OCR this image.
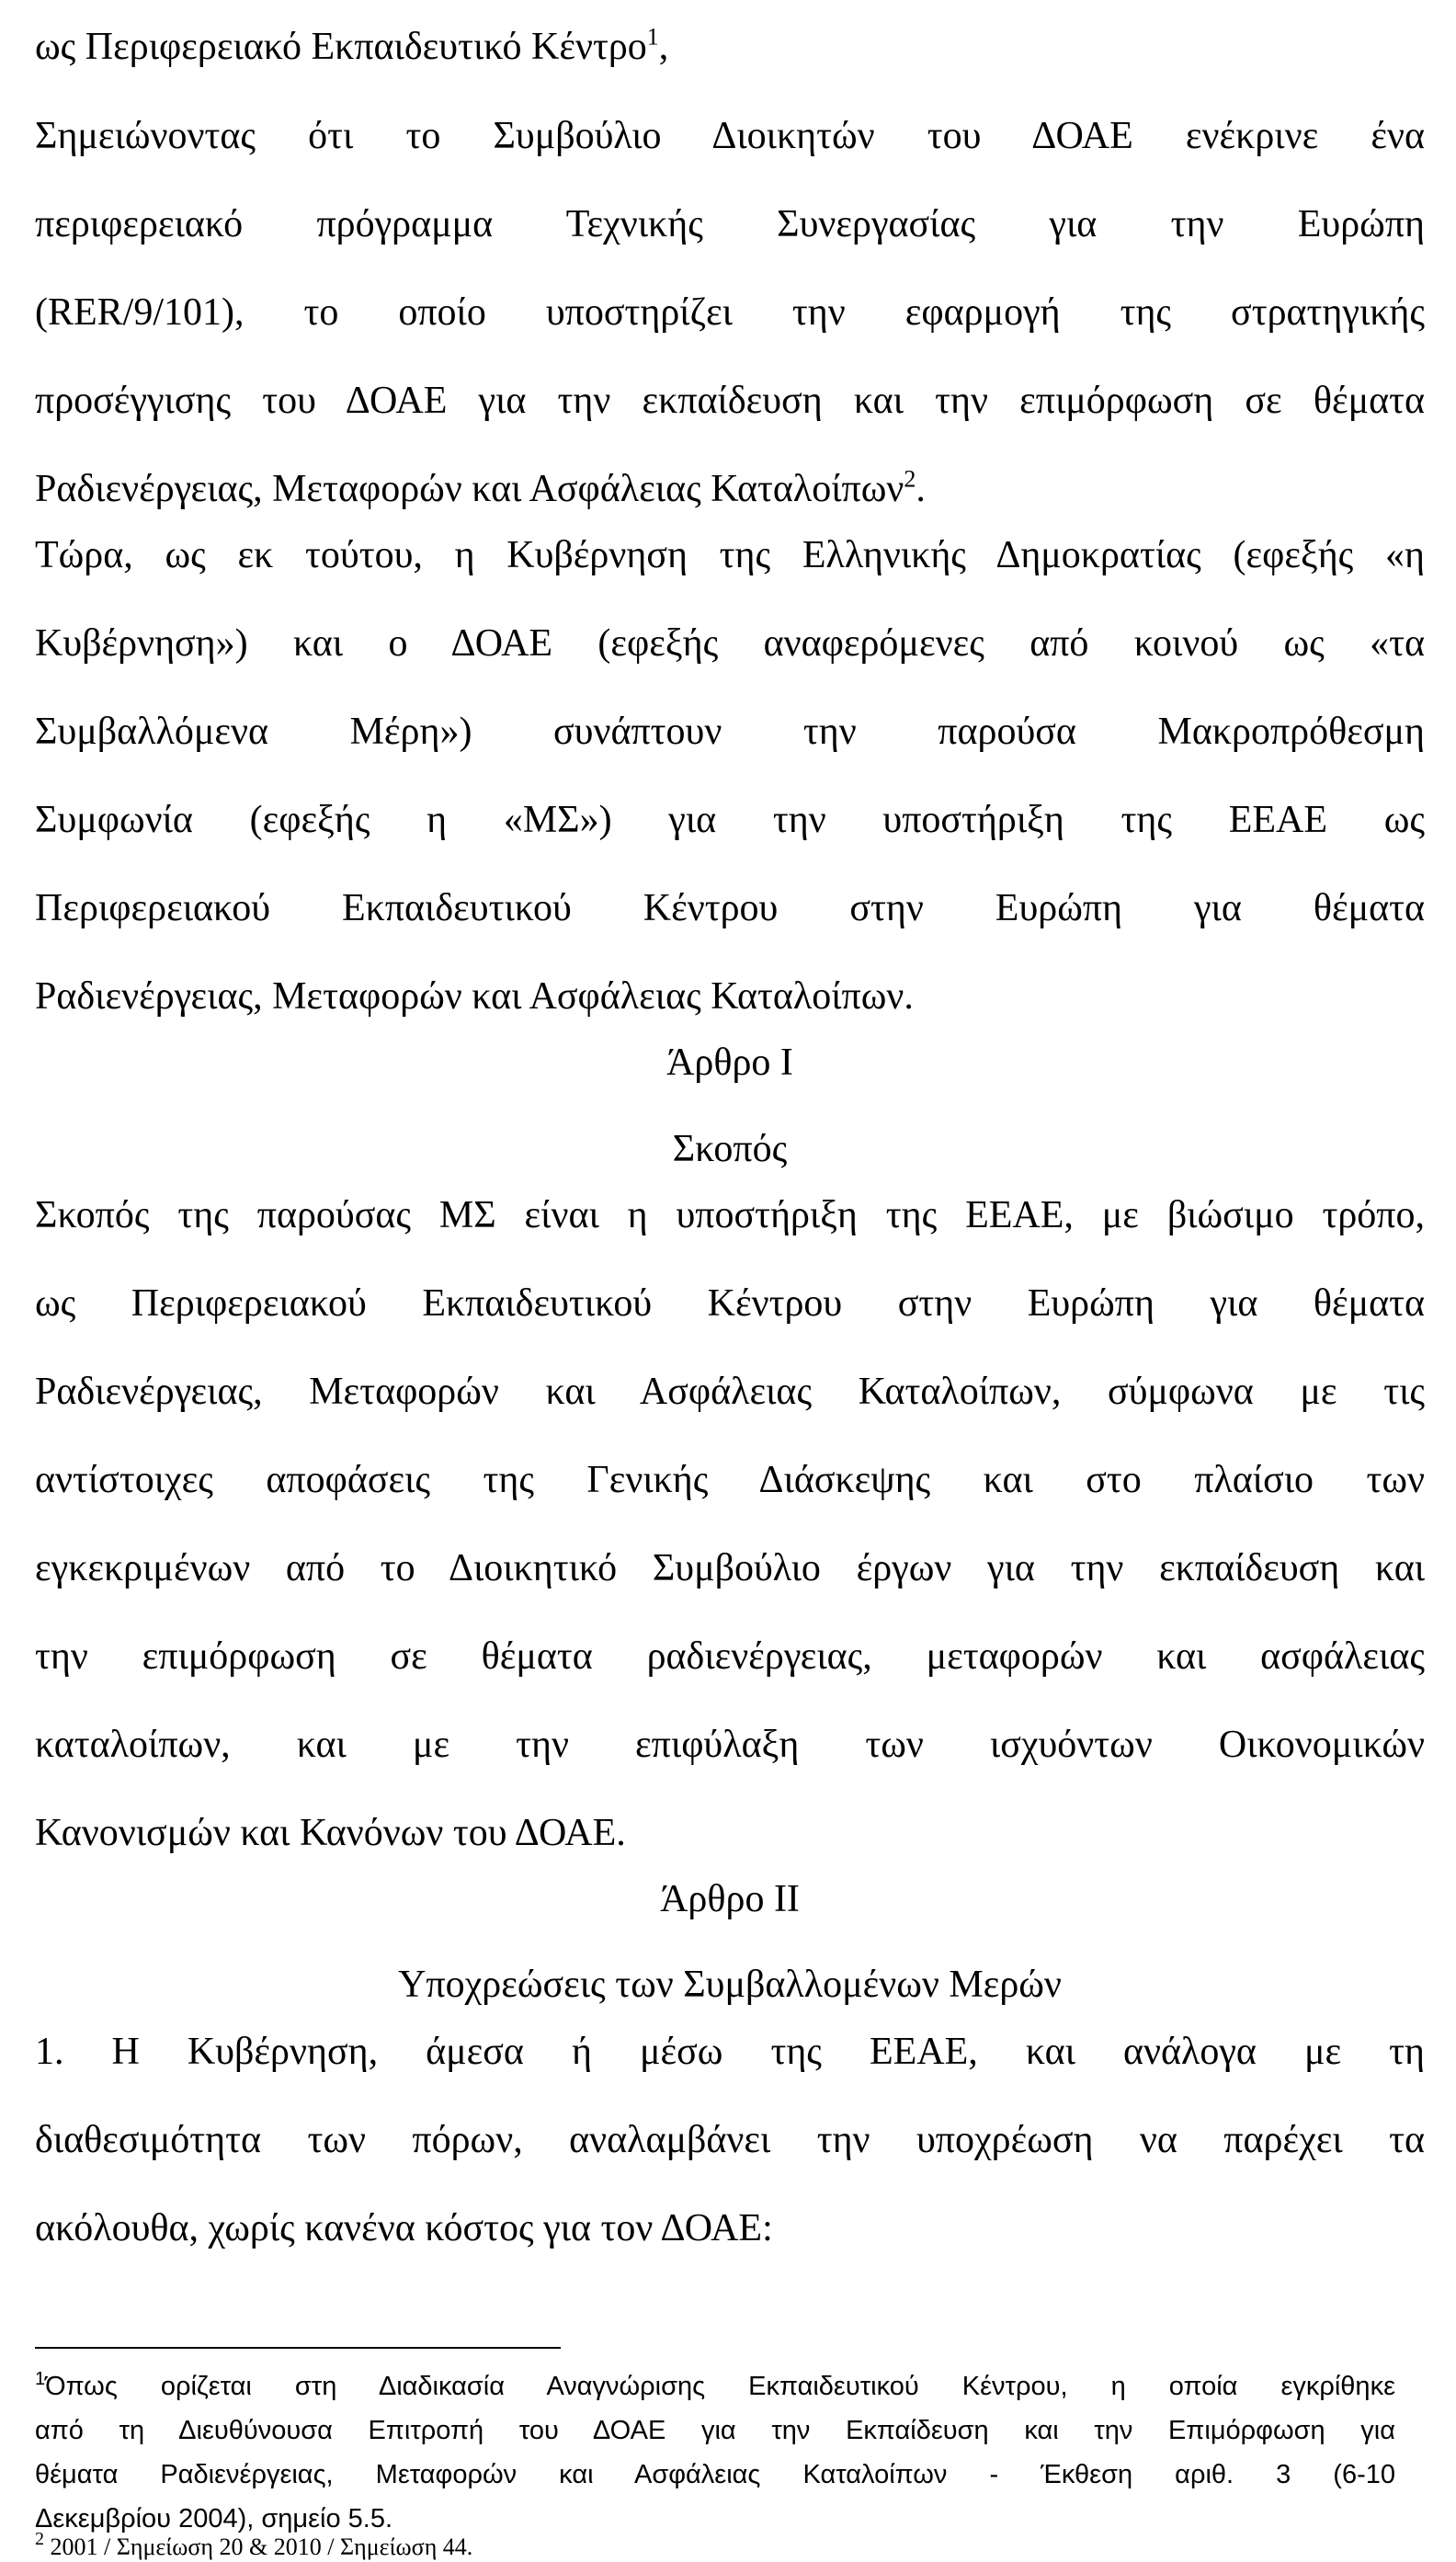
ως Περιφερειακό Εκπαιδευτικό Κέντρο$^1$,
Σημειώνοντας ότι το Συμβούλιο Διοικητών του ΔΟΑΕ ενέκρινε ένα
περιφερειακό πρόγραμμα Τεχνικής Συνεργασίας για την Ευρώπη
(RER/9/101), το οποίο υποστηρίζει την εφαρμογή της στρατηγικής
προσέγγισης του ΔΟΑΕ για την εκπαίδευση και την επιμόρφωση σε θέματα
Ραδιενέργειας, Μεταφορών και Ασφάλειας Καταλοίπων$^2$.
Τώρα, ως εκ τούτου, η Κυβέρνηση της Ελληνικής Δημοκρατίας (εφεξής «η
Κυβέρνηση») και ο ΔΟΑΕ (εφεξής αναφερόμενες από κοινού ως «τα
Συμβαλλόμενα Μέρη») συνάπτουν την παρούσα Μακροπρόθεσμη
Συμφωνία (εφεξής η «ΜΣ») για την υποστήριξη της ΕΕΑΕ ως
Περιφερειακού Εκπαιδευτικού Κέντρου στην Ευρώπη για θέματα
Ραδιενέργειας, Μεταφορών και Ασφάλειας Καταλοίπων.
Άρθρο Ι
Σκοπός
Σκοπός της παρούσας ΜΣ είναι η υποστήριξη της ΕΕΑΕ, με βιώσιμο τρόπο,
ως Περιφερειακού Εκπαιδευτικού Κέντρου στην Ευρώπη για θέματα
Ραδιενέργειας, Μεταφορών και Ασφάλειας Καταλοίπων, σύμφωνα με τις
αντίστοιχες αποφάσεις της Γενικής Διάσκεψης και στο πλαίσιο των
εγκεκριμένων από το Διοικητικό Συμβούλιο έργων για την εκπαίδευση και
την επιμόρφωση σε θέματα ραδιενέργειας, μεταφορών και ασφάλειας
καταλοίπων, και με την επιφύλαξη των ισχυόντων Οικονομικών
Κανονισμών και Κανόνων του ΔΟΑΕ.
Άρθρο ΙΙ
Υποχρεώσεις των Συμβαλλομένων Μερών
1. Η Κυβέρνηση, άμεσα ή μέσω της ΕΕΑΕ, και ανάλογα με τη
διαθεσιμότητα των πόρων, αναλαμβάνει την υποχρέωση να παρέχει τα
ακόλουθα, χωρίς κανένα κόστος για τον ΔΟΑΕ:
$^1$Όπως ορίζεται στη Διαδικασία Αναγνώρισης Εκπαιδευτικού Κέντρου, η οποία εγκρίθηκε
από τη Διευθύνουσα Επιτροπή του ΔΟΑΕ για την Εκπαίδευση και την Επιμόρφωση για
θέματα Ραδιενέργειας, Μεταφορών και Ασφάλειας Καταλοίπων - Έκθεση αριθ. 3 (6-10
Δεκεμβρίου 2004), σημείο 5.5.
$^2$ 2001 / Σημείωση 20 & 2010 / Σημείωση 44.
